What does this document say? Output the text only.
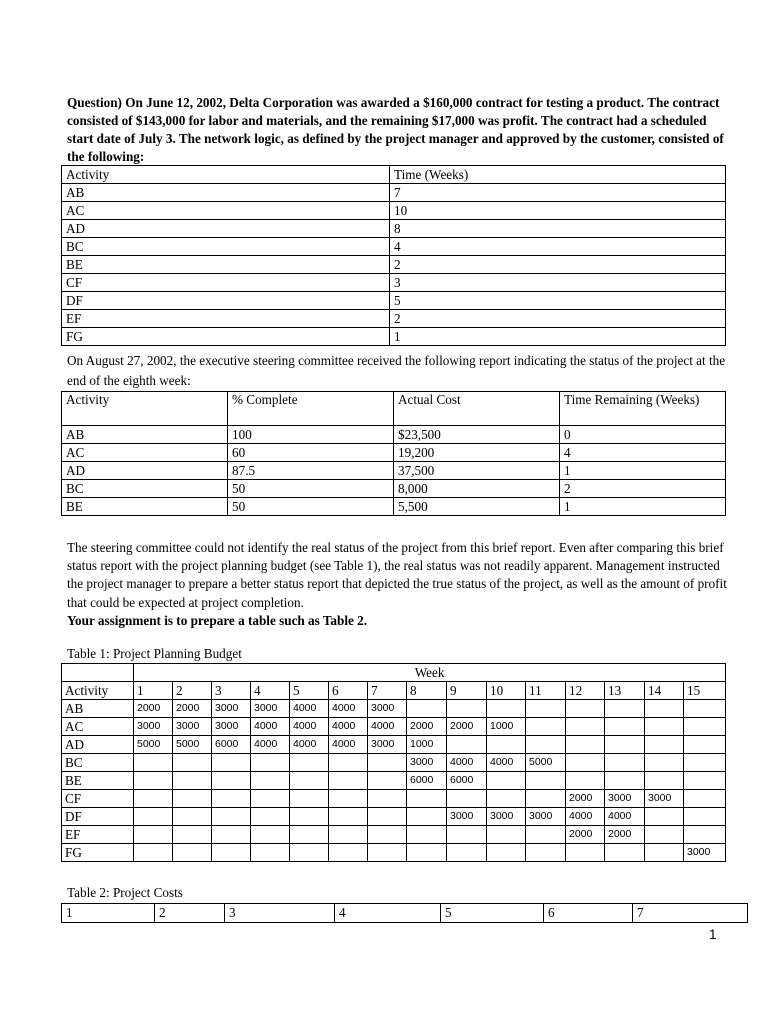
Question) On June 12, 2002, Delta Corporation was awarded a $160,000 contract for testing a product. The contract consisted of $143,000 for labor and materials, and the remaining $17,000 was profit. The contract had a scheduled start date of July 3. The network logic, as defined by the project manager and approved by the customer, consisted of the following:
Activity	Time (Weeks)
AB	7
AC	10
AD	8
BC	4
BE	2
CF	3
DF	5
EF	2
FG	1
On August 27, 2002, the executive steering committee received the following report indicating the status of the project at the end of the eighth week:
Activity	% Complete	Actual Cost	Time Remaining (Weeks)
AB	100	$23,500	0
AC	60	19,200	4
AD	87.5	37,500	1
BC	50	8,000	2
BE	50	5,500	1
The steering committee could not identify the real status of the project from this brief report. Even after comparing this brief status report with the project planning budget (see Table 1), the real status was not readily apparent. Management instructed the project manager to prepare a better status report that depicted the true status of the project, as well as the amount of profit that could be expected at project completion.
Your assignment is to prepare a table such as Table 2.
Table 1: Project Planning Budget
	Week														
Activity	1	2	3	4	5	6	7	8	9	10	11	12	13	14	15
AB	2000	2000	3000	3000	4000	4000	3000								
AC	3000	3000	3000	4000	4000	4000	4000	2000	2000	1000					
AD	5000	5000	6000	4000	4000	4000	3000	1000							
BC								3000	4000	4000	5000				
BE								6000	6000						
CF												2000	3000	3000	
DF									3000	3000	3000	4000	4000		
EF												2000	2000		
FG															3000
Table 2: Project Costs
1	2	3	4	5	6	7
1
